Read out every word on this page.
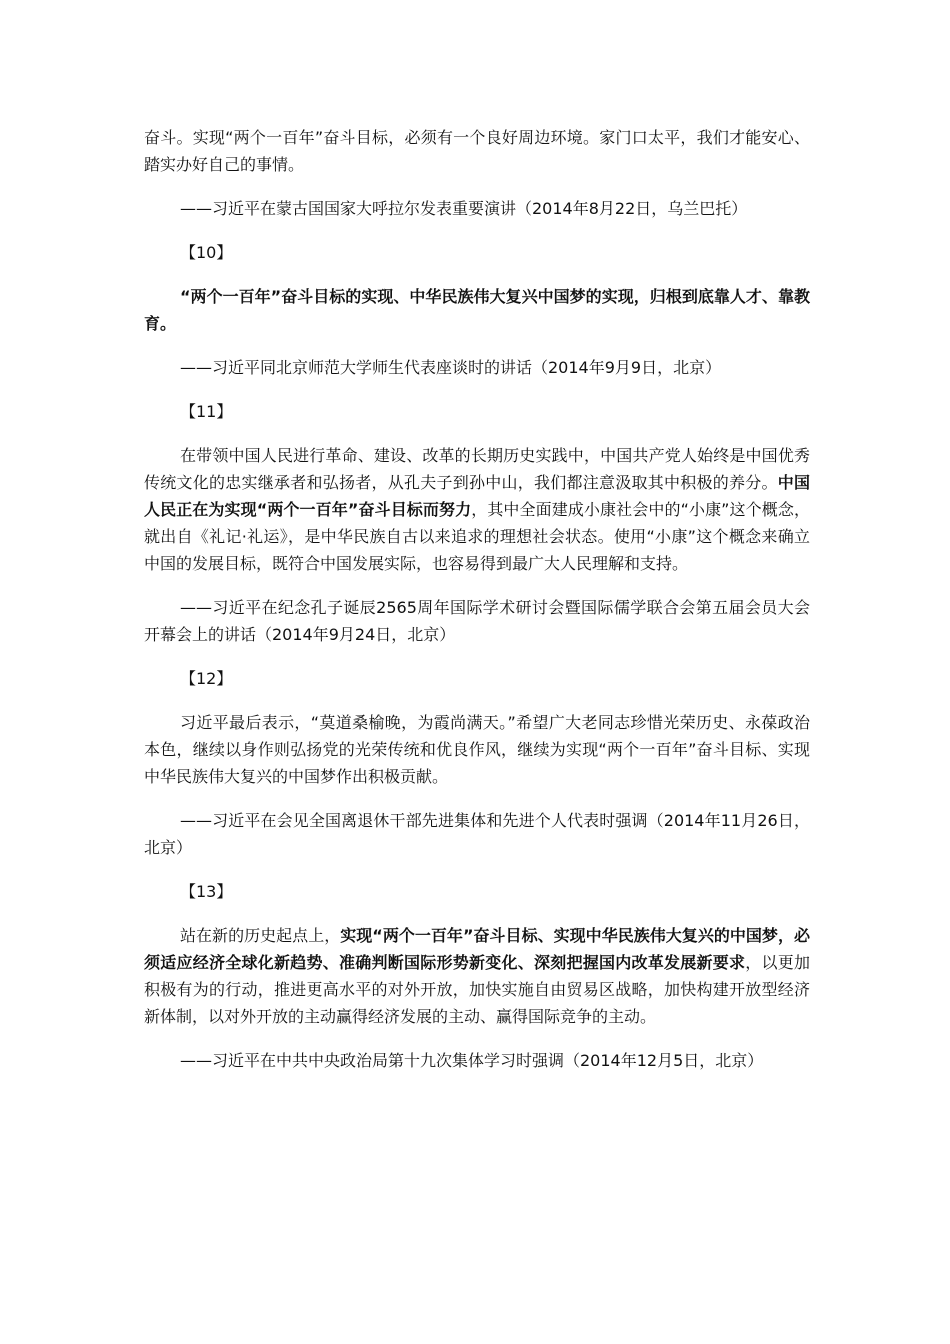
奋斗。实现“两个一百年”奋斗目标，必须有一个良好周边环境。家门口太平，我们才能安心、踏实办好自己的事情。

——习近平在蒙古国国家大呼拉尔发表重要演讲（2014年8月22日，乌兰巴托）

【10】

“两个一百年”奋斗目标的实现、中华民族伟大复兴中国梦的实现，归根到底靠人才、靠教育。

——习近平同北京师范大学师生代表座谈时的讲话（2014年9月9日，北京）

【11】

在带领中国人民进行革命、建设、改革的长期历史实践中，中国共产党人始终是中国优秀传统文化的忠实继承者和弘扬者，从孔夫子到孙中山，我们都注意汲取其中积极的养分。中国人民正在为实现“两个一百年”奋斗目标而努力，其中全面建成小康社会中的“小康”这个概念，就出自《礼记·礼运》，是中华民族自古以来追求的理想社会状态。使用“小康”这个概念来确立中国的发展目标，既符合中国发展实际，也容易得到最广大人民理解和支持。

——习近平在纪念孔子诞辰2565周年国际学术研讨会暨国际儒学联合会第五届会员大会开幕会上的讲话（2014年9月24日，北京）

【12】

习近平最后表示，“莫道桑榆晚，为霞尚满天。”希望广大老同志珍惜光荣历史、永葆政治本色，继续以身作则弘扬党的光荣传统和优良作风，继续为实现“两个一百年”奋斗目标、实现中华民族伟大复兴的中国梦作出积极贡献。

——习近平在会见全国离退休干部先进集体和先进个人代表时强调（2014年11月26日，北京）

【13】

站在新的历史起点上，实现“两个一百年”奋斗目标、实现中华民族伟大复兴的中国梦，必须适应经济全球化新趋势、准确判断国际形势新变化、深刻把握国内改革发展新要求，以更加积极有为的行动，推进更高水平的对外开放，加快实施自由贸易区战略，加快构建开放型经济新体制，以对外开放的主动赢得经济发展的主动、赢得国际竞争的主动。

——习近平在中共中央政治局第十九次集体学习时强调（2014年12月5日，北京）
